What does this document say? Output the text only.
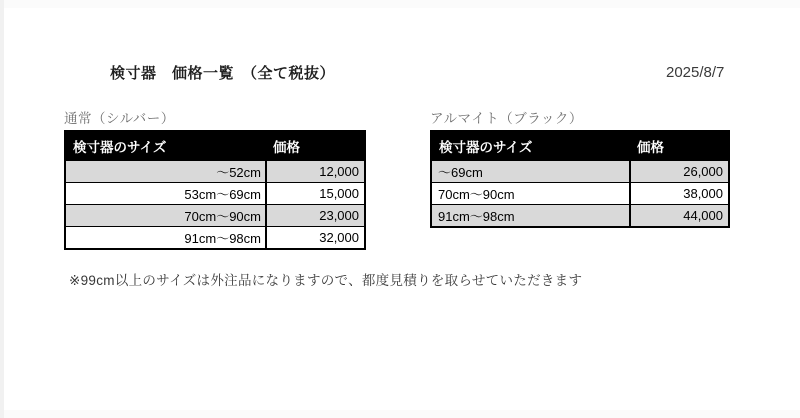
検寸器　価格一覧　（全て税抜）	2025/8/7
通常（シルバー）
検寸器のサイズ	価格
～52cm	12,000
53cm～69cm	15,000
70cm～90cm	23,000
91cm～98cm	32,000
アルマイト（ブラック）
検寸器のサイズ	価格
～69cm	26,000
70cm～90cm	38,000
91cm～98cm	44,000
※99cm以上のサイズは外注品になりますので、都度見積りを取らせていただきます
